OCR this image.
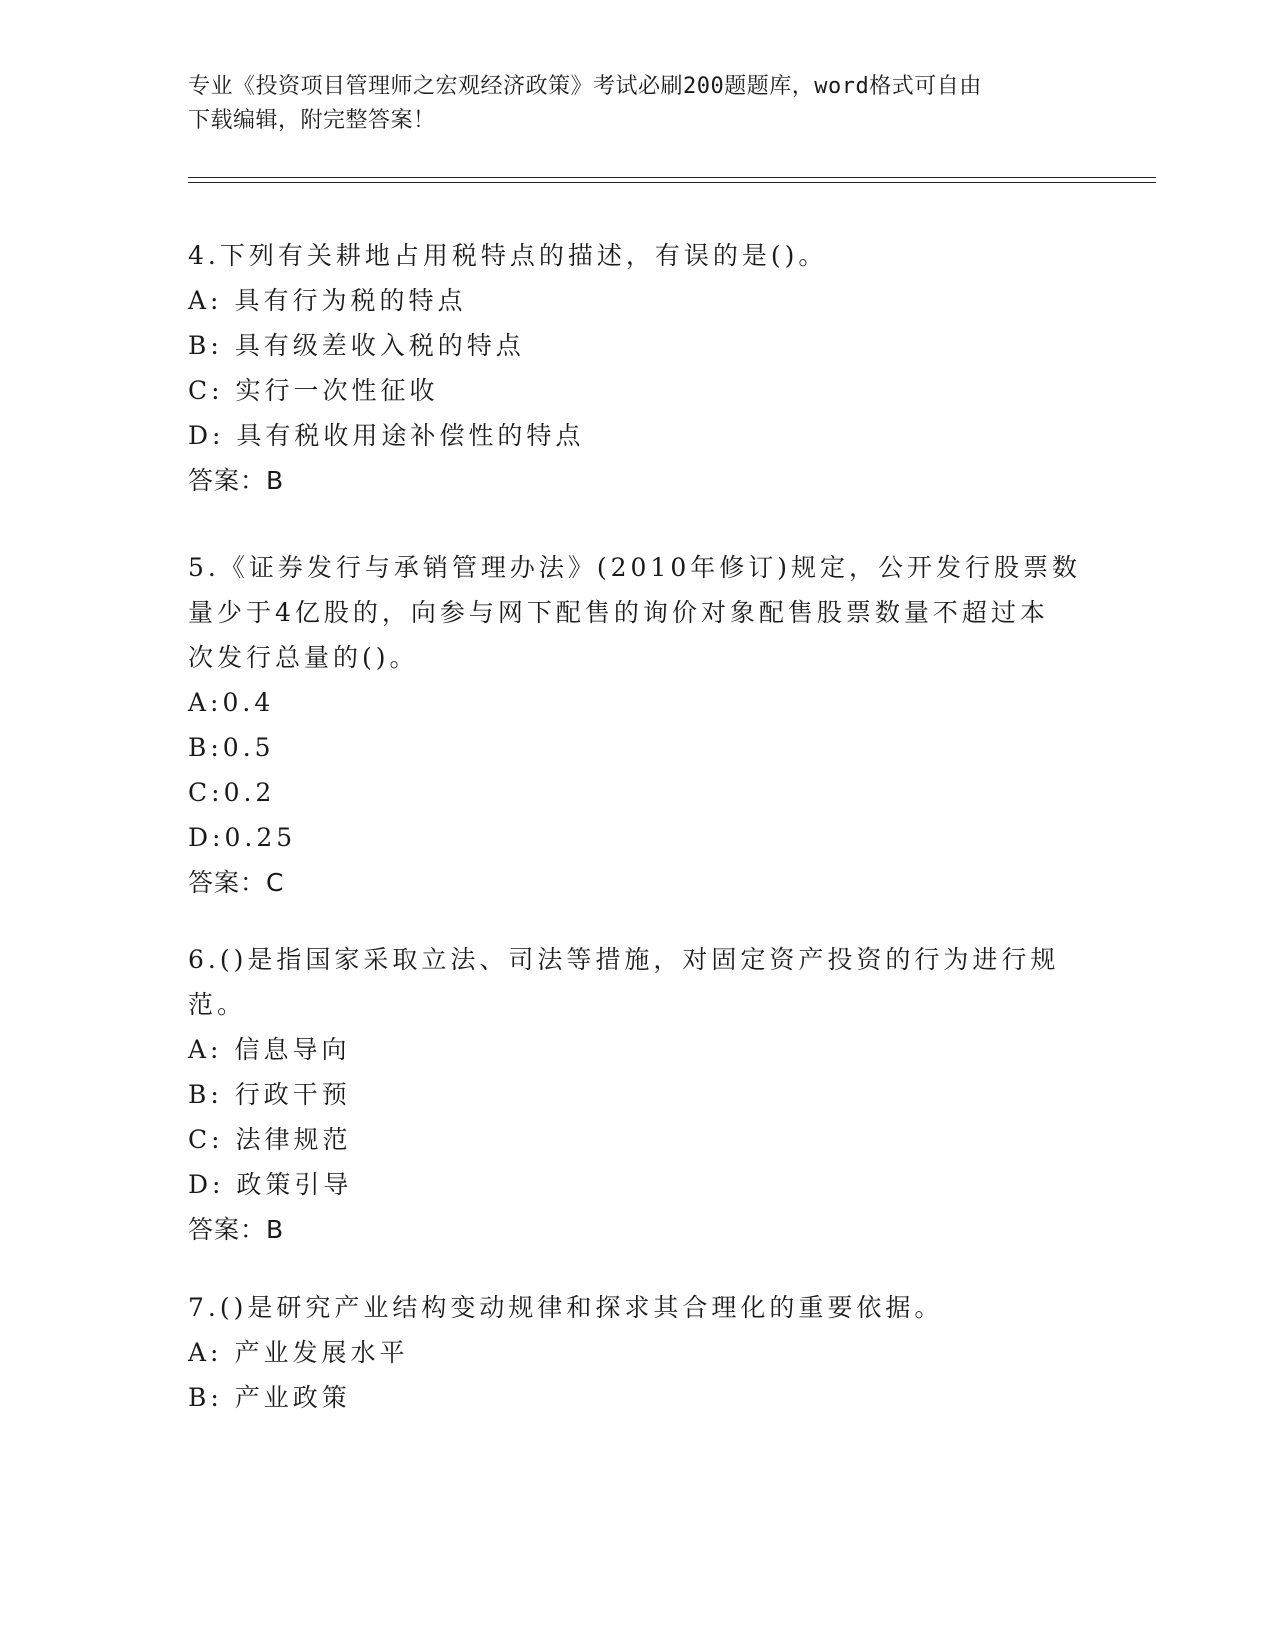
专业《投资项目管理师之宏观经济政策》考试必刷200题题库，word格式可自由
下载编辑，附完整答案！
4.下列有关耕地占用税特点的描述，有误的是()。
A: 具有行为税的特点
B: 具有级差收入税的特点
C: 实行一次性征收
D: 具有税收用途补偿性的特点
答案：B
5.《证券发行与承销管理办法》(2010年修订)规定，公开发行股票数
量少于4亿股的，向参与网下配售的询价对象配售股票数量不超过本
次发行总量的()。
A:0.4
B:0.5
C:0.2
D:0.25
答案：C
6.()是指国家采取立法、司法等措施，对固定资产投资的行为进行规
范。
A: 信息导向
B: 行政干预
C: 法律规范
D: 政策引导
答案：B
7.()是研究产业结构变动规律和探求其合理化的重要依据。
A: 产业发展水平
B: 产业政策
